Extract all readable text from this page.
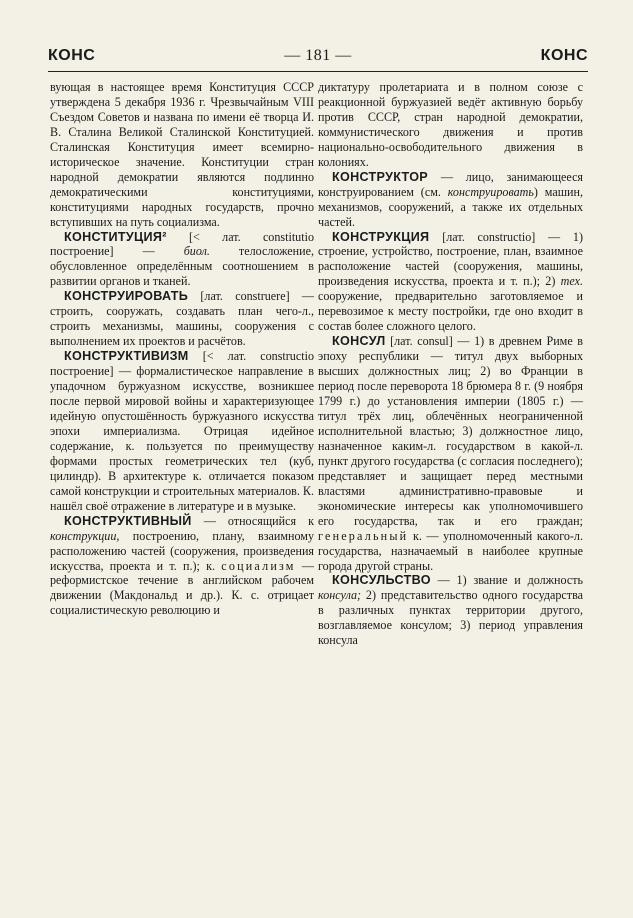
КОНС	— 181 —	КОНС

вующая в настоящее время Конституция СССР утверждена 5 декабря 1936 г. Чрезвычайным VIII Съездом Советов и названа по имени её творца И. В. Сталина Великой Сталинской Конституцией. Сталинская Конституция имеет всемирно-историческое значение. Конституции стран народной демократии являются подлинно демократическими конституциями, конституциями народных государств, прочно вступивших на путь социализма.

КОНСТИТУЦИЯ² [< лат. constitutio построение] — биол. телосложение, обусловленное определённым соотношением в развитии органов и тканей.

КОНСТРУИРОВАТЬ [лат. construere] — строить, сооружать, создавать план чего-л., строить механизмы, машины, сооружения с выполнением их проектов и расчётов.

КОНСТРУКТИВИЗМ [< лат. constructio построение] — формалистическое направление в упадочном буржуазном искусстве, возникшее после первой мировой войны и характеризующее идейную опустошённость буржуазного искусства эпохи империализма. Отрицая идейное содержание, к. пользуется по преимуществу формами простых геометрических тел (куб, цилиндр). В архитектуре к. отличается показом самой конструкции и строительных материалов. К. нашёл своё отражение в литературе и в музыке.

КОНСТРУКТИВНЫЙ — относящийся к конструкции, построению, плану, взаимному расположению частей (сооружения, произведения искусства, проекта и т. п.); к. социализм — реформистское течение в английском рабочем движении (Макдональд и др.). К. с. отрицает социалистическую революцию и

диктатуру пролетариата и в полном союзе с реакционной буржуазией ведёт активную борьбу против СССР, стран народной демократии, коммунистического движения и против национально-освободительного движения в колониях.

КОНСТРУКТОР — лицо, занимающееся конструированием (см. конструировать) машин, механизмов, сооружений, а также их отдельных частей.

КОНСТРУКЦИЯ [лат. constructio] — 1) строение, устройство, построение, план, взаимное расположение частей (сооружения, машины, произведения искусства, проекта и т. п.); 2) тех. сооружение, предварительно заготовляемое и перевозимое к месту постройки, где оно входит в состав более сложного целого.

КОНСУЛ [лат. consul] — 1) в древнем Риме в эпоху республики — титул двух выборных высших должностных лиц; 2) во Франции в период после переворота 18 брюмера 8 г. (9 ноября 1799 г.) до установления империи (1805 г.) — титул трёх лиц, облечённых неограниченной исполнительной властью; 3) должностное лицо, назначенное каким-л. государством в какой-л. пункт другого государства (с согласия последнего); представляет и защищает перед местными властями административно-правовые и экономические интересы как уполномочившего его государства, так и его граждан; генеральный к. — уполномоченный какого-л. государства, назначаемый в наиболее крупные города другой страны.

КОНСУЛЬСТВО — 1) звание и должность консула; 2) представительство одного государства в различных пунктах территории другого, возглавляемое консулом; 3) период управления консула
